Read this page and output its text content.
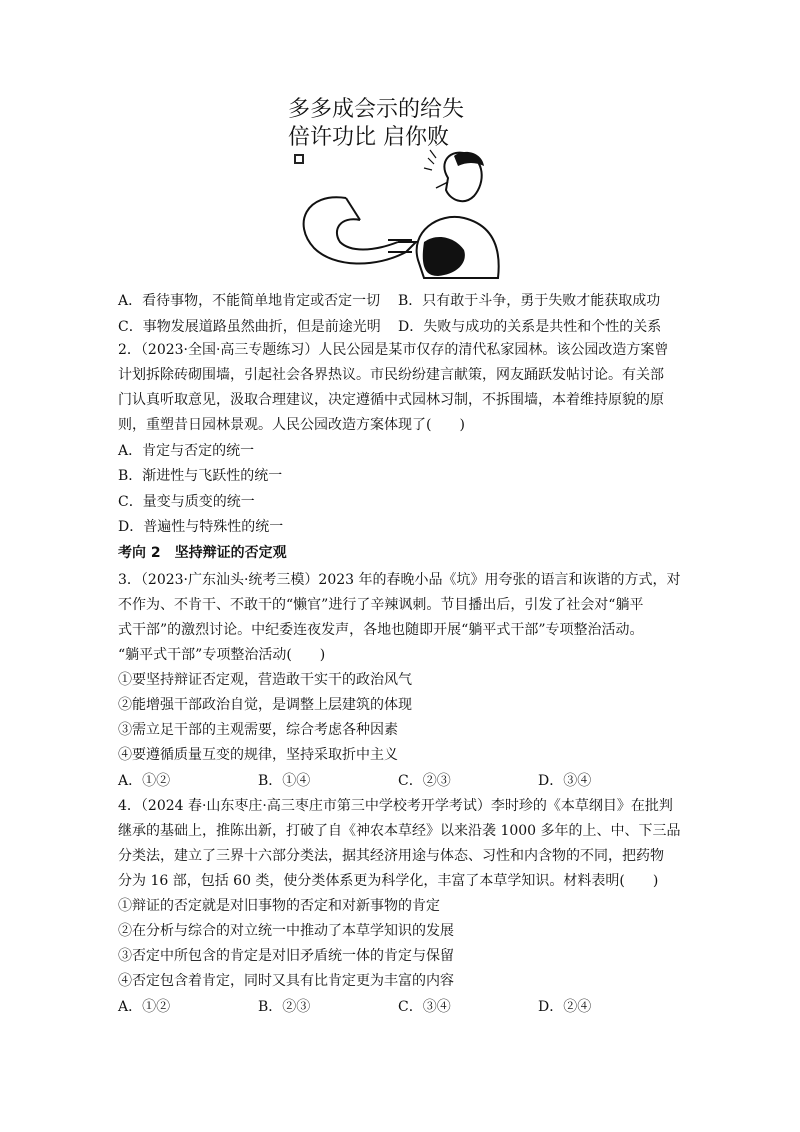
多多成会示的给失
倍许功比 启你败
A．看待事物，不能简单地肯定或否定一切 B．只有敢于斗争，勇于失败才能获取成功
C．事物发展道路虽然曲折，但是前途光明 D．失败与成功的关系是共性和个性的关系
2．（2023·全国·高三专题练习）人民公园是某市仅存的清代私家园林。该公园改造方案曾
计划拆除砖砌围墙，引起社会各界热议。市民纷纷建言献策，网友踊跃发帖讨论。有关部
门认真听取意见，汲取合理建议，决定遵循中式园林习制，不拆围墙，本着维持原貌的原
则，重塑昔日园林景观。人民公园改造方案体现了(　　)
A．肯定与否定的统一
B．渐进性与飞跃性的统一
C．量变与质变的统一
D．普遍性与特殊性的统一
考向 2　坚持辩证的否定观
3．（2023·广东汕头·统考三模）2023 年的春晚小品《坑》用夸张的语言和诙谐的方式，对
不作为、不肯干、不敢干的“懒官”进行了辛辣讽刺。节目播出后，引发了社会对“躺平
式干部”的激烈讨论。中纪委连夜发声，各地也随即开展“躺平式干部”专项整治活动。
“躺平式干部”专项整治活动(　　)
①要坚持辩证否定观，营造敢干实干的政治风气
②能增强干部政治自觉，是调整上层建筑的体现
③需立足干部的主观需要，综合考虑各种因素
④要遵循质量互变的规律，坚持采取折中主义
A．①②	B．①④	C．②③	D．③④
4．（2024 春·山东枣庄·高三枣庄市第三中学校考开学考试）李时珍的《本草纲目》在批判
继承的基础上，推陈出新，打破了自《神农本草经》以来沿袭 1000 多年的上、中、下三品
分类法，建立了三界十六部分类法，据其经济用途与体态、习性和内含物的不同，把药物
分为 16 部，包括 60 类，使分类体系更为科学化，丰富了本草学知识。材料表明(　　)
①辩证的否定就是对旧事物的否定和对新事物的肯定
②在分析与综合的对立统一中推动了本草学知识的发展
③否定中所包含的肯定是对旧矛盾统一体的肯定与保留
④否定包含着肯定，同时又具有比肯定更为丰富的内容
A．①②	B．②③	C．③④	D．②④
